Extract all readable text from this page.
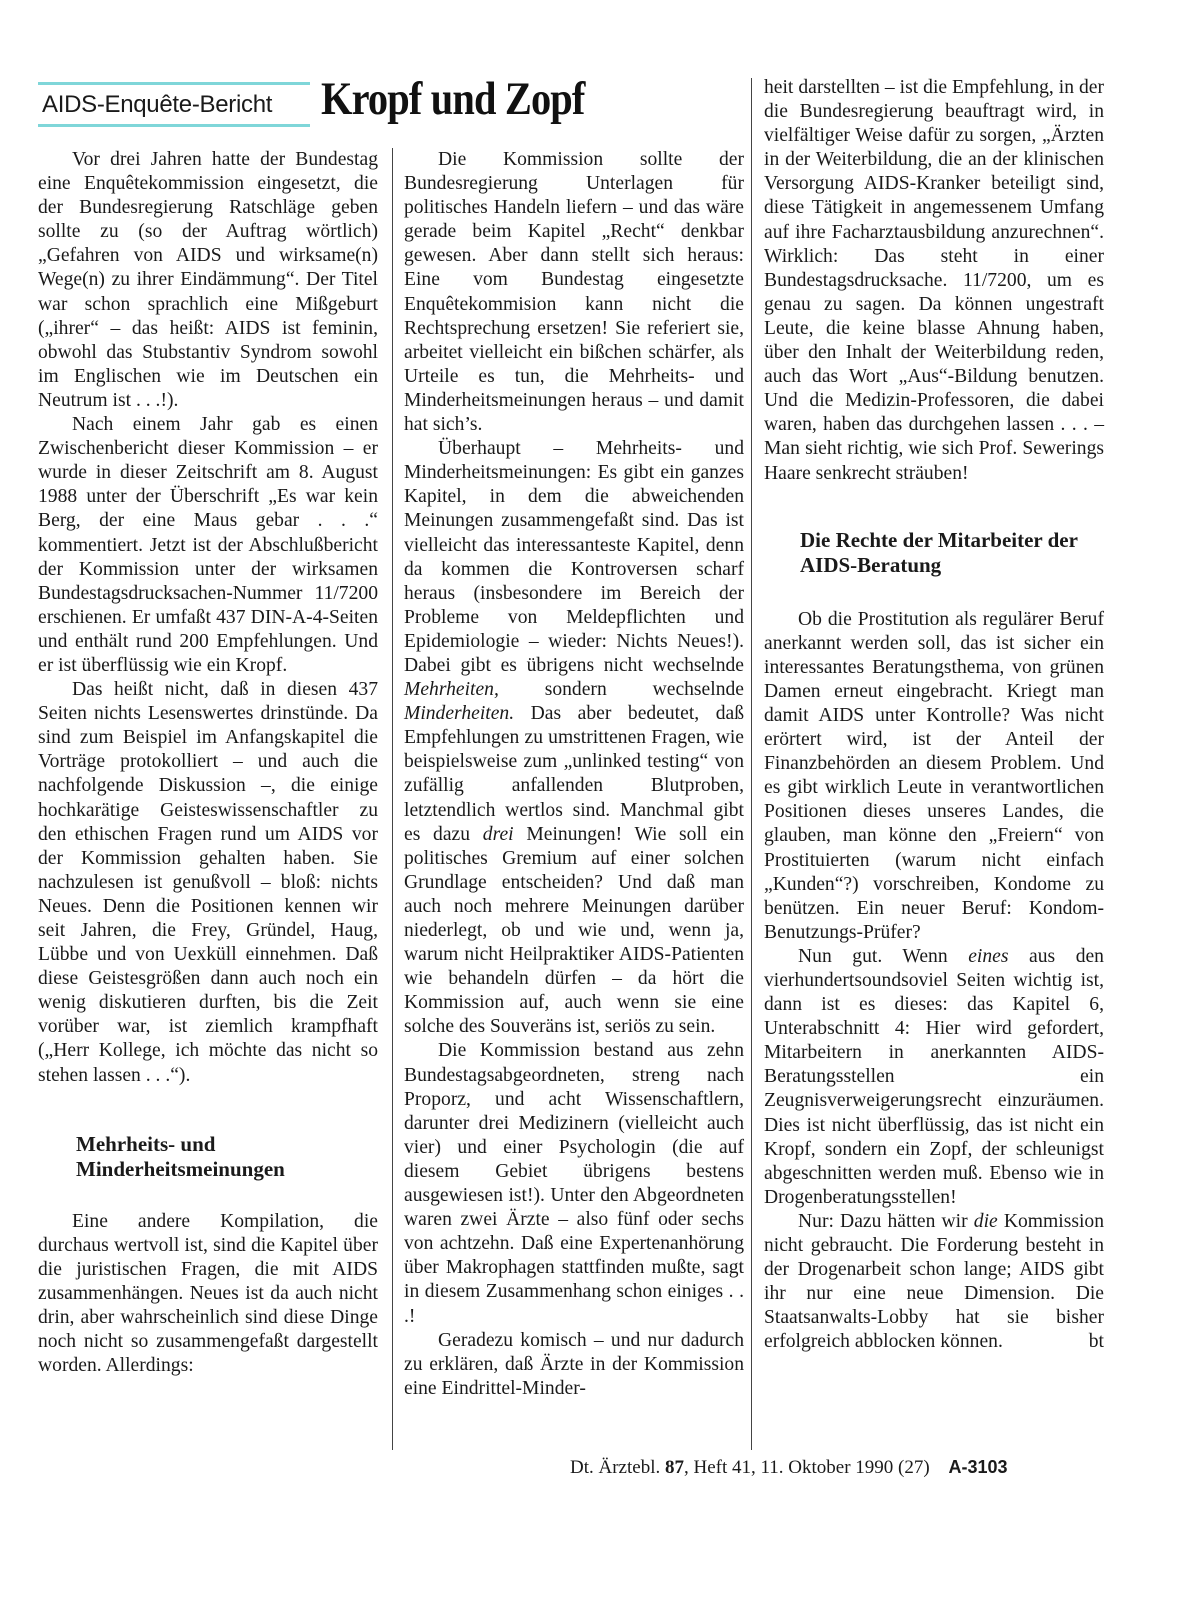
AIDS-Enquête-Bericht Kropf und Zopf

Vor drei Jahren hatte der Bundestag eine Enquêtekommission eingesetzt, die der Bundesregierung Ratschläge geben sollte zu (so der Auftrag wörtlich) „Gefahren von AIDS und wirksame(n) Wege(n) zu ihrer Eindämmung“. Der Titel war schon sprachlich eine Mißgeburt („ihrer“ – das heißt: AIDS ist feminin, obwohl das Stubstantiv Syndrom sowohl im Englischen wie im Deutschen ein Neutrum ist . . .!).

Nach einem Jahr gab es einen Zwischenbericht dieser Kommission – er wurde in dieser Zeitschrift am 8. August 1988 unter der Überschrift „Es war kein Berg, der eine Maus gebar . . .“ kommentiert. Jetzt ist der Abschlußbericht der Kommission unter der wirksamen Bundestagsdrucksachen-Nummer 11/7200 erschienen. Er umfaßt 437 DIN-A-4-Seiten und enthält rund 200 Empfehlungen. Und er ist überflüssig wie ein Kropf.

Das heißt nicht, daß in diesen 437 Seiten nichts Lesenswertes drinstünde. Da sind zum Beispiel im Anfangskapitel die Vorträge protokolliert – und auch die nachfolgende Diskussion –, die einige hochkarätige Geisteswissenschaftler zu den ethischen Fragen rund um AIDS vor der Kommission gehalten haben. Sie nachzulesen ist genußvoll – bloß: nichts Neues. Denn die Positionen kennen wir seit Jahren, die Frey, Gründel, Haug, Lübbe und von Uexküll einnehmen. Daß diese Geistesgrößen dann auch noch ein wenig diskutieren durften, bis die Zeit vorüber war, ist ziemlich krampfhaft („Herr Kollege, ich möchte das nicht so stehen lassen . . .“).

Mehrheits- und Minderheitsmeinungen

Eine andere Kompilation, die durchaus wertvoll ist, sind die Kapitel über die juristischen Fragen, die mit AIDS zusammenhängen. Neues ist da auch nicht drin, aber wahrscheinlich sind diese Dinge noch nicht so zusammengefaßt dargestellt worden. Allerdings:

Die Kommission sollte der Bundesregierung Unterlagen für politisches Handeln liefern – und das wäre gerade beim Kapitel „Recht“ denkbar gewesen. Aber dann stellt sich heraus: Eine vom Bundestag eingesetzte Enquêtekommision kann nicht die Rechtsprechung ersetzen! Sie referiert sie, arbeitet vielleicht ein bißchen schärfer, als Urteile es tun, die Mehrheits- und Minderheitsmeinungen heraus – und damit hat sich’s.

Überhaupt – Mehrheits- und Minderheitsmeinungen: Es gibt ein ganzes Kapitel, in dem die abweichenden Meinungen zusammengefaßt sind. Das ist vielleicht das interessanteste Kapitel, denn da kommen die Kontroversen scharf heraus (insbesondere im Bereich der Probleme von Meldepflichten und Epidemiologie – wieder: Nichts Neues!). Dabei gibt es übrigens nicht wechselnde Mehrheiten, sondern wechselnde Minderheiten. Das aber bedeutet, daß Empfehlungen zu umstrittenen Fragen, wie beispielsweise zum „unlinked testing“ von zufällig anfallenden Blutproben, letztendlich wertlos sind. Manchmal gibt es dazu drei Meinungen! Wie soll ein politisches Gremium auf einer solchen Grundlage entscheiden? Und daß man auch noch mehrere Meinungen darüber niederlegt, ob und wie und, wenn ja, warum nicht Heilpraktiker AIDS-Patienten wie behandeln dürfen – da hört die Kommission auf, auch wenn sie eine solche des Souveräns ist, seriös zu sein.

Die Kommission bestand aus zehn Bundestagsabgeordneten, streng nach Proporz, und acht Wissenschaftlern, darunter drei Medizinern (vielleicht auch vier) und einer Psychologin (die auf diesem Gebiet übrigens bestens ausgewiesen ist!). Unter den Abgeordneten waren zwei Ärzte – also fünf oder sechs von achtzehn. Daß eine Expertenanhörung über Makrophagen stattfinden mußte, sagt in diesem Zusammenhang schon einiges . . .!

Geradezu komisch – und nur dadurch zu erklären, daß Ärzte in der Kommission eine Eindrittel-Minder-

heit darstellten – ist die Empfehlung, in der die Bundesregierung beauftragt wird, in vielfältiger Weise dafür zu sorgen, „Ärzten in der Weiterbildung, die an der klinischen Versorgung AIDS-Kranker beteiligt sind, diese Tätigkeit in angemessenem Umfang auf ihre Facharztausbildung anzurechnen“. Wirklich: Das steht in einer Bundestagsdrucksache. 11/7200, um es genau zu sagen. Da können ungestraft Leute, die keine blasse Ahnung haben, über den Inhalt der Weiterbildung reden, auch das Wort „Aus“-Bildung benutzen. Und die Medizin-Professoren, die dabei waren, haben das durchgehen lassen . . . – Man sieht richtig, wie sich Prof. Sewerings Haare senkrecht sträuben!

Die Rechte der Mitarbeiter der AIDS-Beratung

Ob die Prostitution als regulärer Beruf anerkannt werden soll, das ist sicher ein interessantes Beratungsthema, von grünen Damen erneut eingebracht. Kriegt man damit AIDS unter Kontrolle? Was nicht erörtert wird, ist der Anteil der Finanzbehörden an diesem Problem. Und es gibt wirklich Leute in verantwortlichen Positionen dieses unseres Landes, die glauben, man könne den „Freiern“ von Prostituierten (warum nicht einfach „Kunden“?) vorschreiben, Kondome zu benützen. Ein neuer Beruf: Kondom-Benutzungs-Prüfer?

Nun gut. Wenn eines aus den vierhundertsoundsoviel Seiten wichtig ist, dann ist es dieses: das Kapitel 6, Unterabschnitt 4: Hier wird gefordert, Mitarbeitern in anerkannten AIDS-Beratungsstellen ein Zeugnisverweigerungsrecht einzuräumen. Dies ist nicht überflüssig, das ist nicht ein Kropf, sondern ein Zopf, der schleunigst abgeschnitten werden muß. Ebenso wie in Drogenberatungsstellen!

Nur: Dazu hätten wir die Kommission nicht gebraucht. Die Forderung besteht in der Drogenarbeit schon lange; AIDS gibt ihr nur eine neue Dimension. Die Staatsanwalts-Lobby hat sie bisher erfolgreich abblocken können.	bt

Dt. Ärztebl. 87, Heft 41, 11. Oktober 1990 (27) A-3103
